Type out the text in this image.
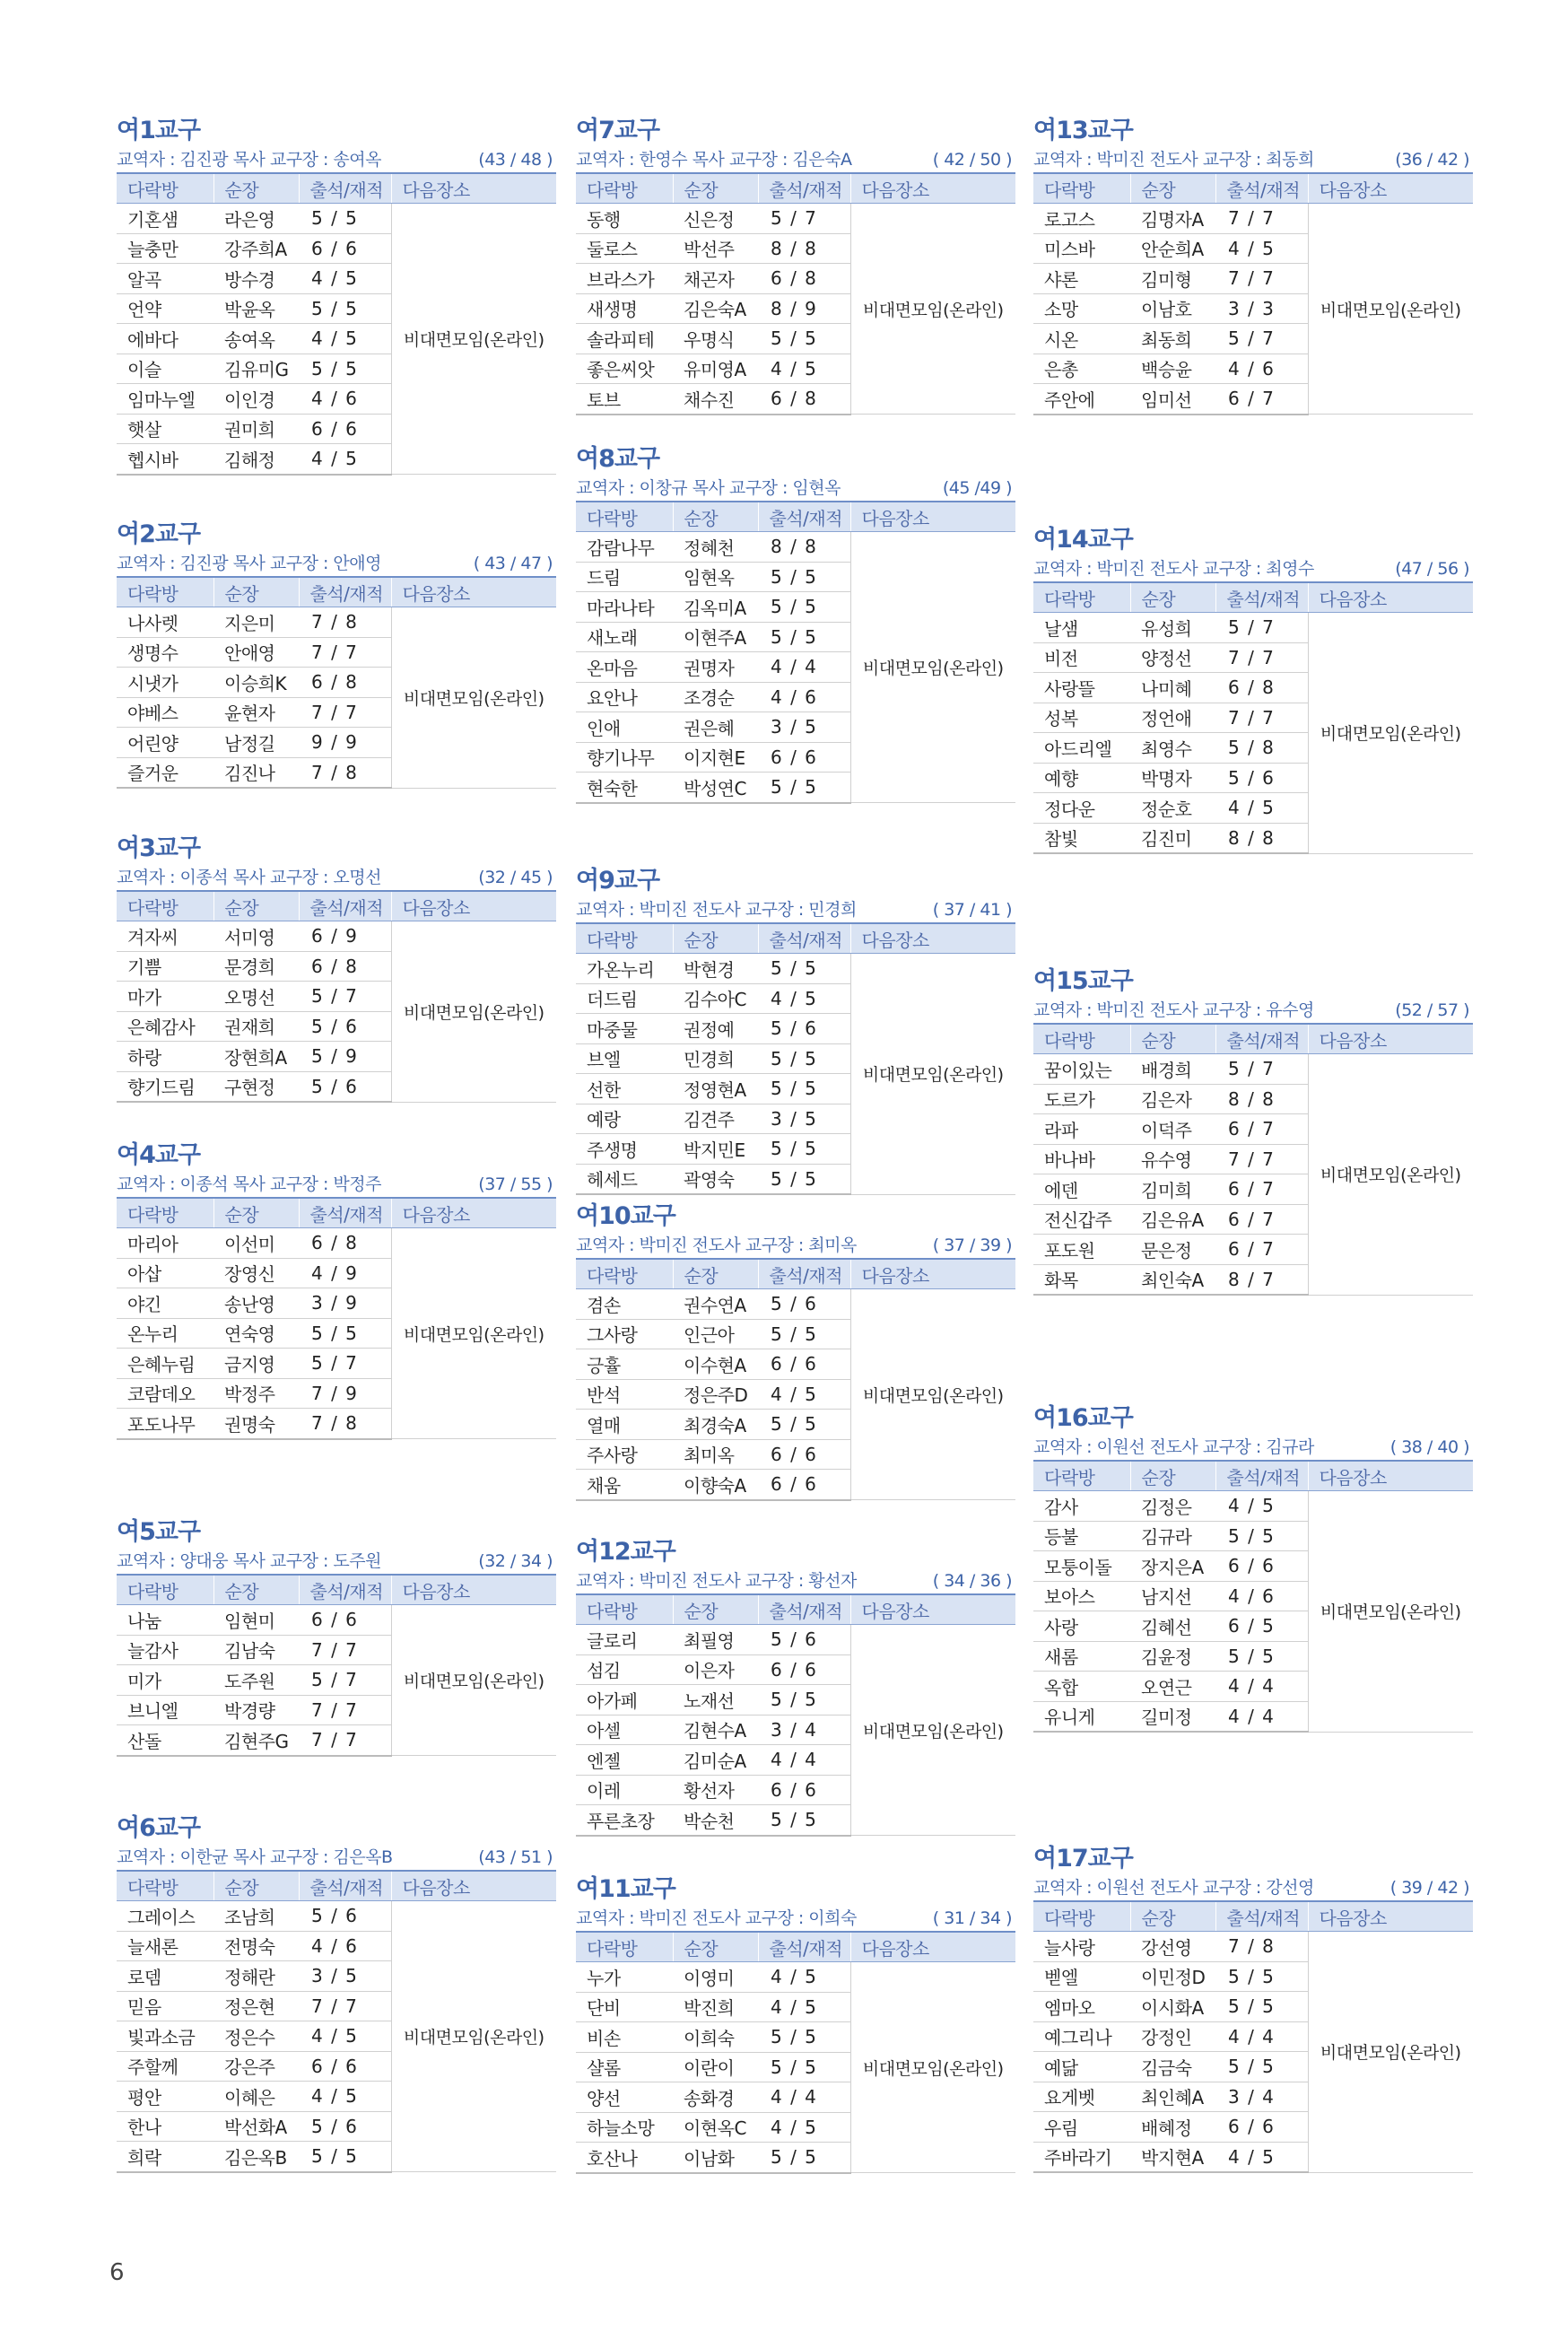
여1교구
교역자 : 김진광 목사 교구장 : 송여옥	(43 / 48 )
다락방	순장	출석/재적	다음장소
기혼샘	라은영	5 / 5	비대면모임(온라인)
늘충만	강주희A	6 / 6	
알곡	방수경	4 / 5	
언약	박윤옥	5 / 5	
에바다	송여옥	4 / 5	
이슬	김유미G	5 / 5	
임마누엘	이인경	4 / 6	
햇살	권미희	6 / 6	
헵시바	김해정	4 / 5	
여2교구
교역자 : 김진광 목사 교구장 : 안애영	( 43 / 47 )
다락방	순장	출석/재적	다음장소
나사렛	지은미	7 / 8	비대면모임(온라인)
생명수	안애영	7 / 7	
시냇가	이승희K	6 / 8	
야베스	윤현자	7 / 7	
어린양	남정길	9 / 9	
즐거운	김진나	7 / 8	
여3교구
교역자 : 이종석 목사 교구장 : 오명선	(32 / 45 )
다락방	순장	출석/재적	다음장소
겨자씨	서미영	6 / 9	비대면모임(온라인)
기쁨	문경희	6 / 8	
마가	오명선	5 / 7	
은혜감사	권재희	5 / 6	
하랑	장현희A	5 / 9	
향기드림	구현정	5 / 6	
여4교구
교역자 : 이종석 목사 교구장 : 박정주	(37 / 55 )
다락방	순장	출석/재적	다음장소
마리아	이선미	6 / 8	비대면모임(온라인)
아삽	장영신	4 / 9	
야긴	송난영	3 / 9	
온누리	연숙영	5 / 5	
은혜누림	금지영	5 / 7	
코람데오	박정주	7 / 9	
포도나무	권명숙	7 / 8	
여5교구
교역자 : 양대웅 목사 교구장 : 도주원	(32 / 34 )
다락방	순장	출석/재적	다음장소
나눔	임현미	6 / 6	비대면모임(온라인)
늘감사	김남숙	7 / 7	
미가	도주원	5 / 7	
브니엘	박경량	7 / 7	
산돌	김현주G	7 / 7	
여6교구
교역자 : 이한균 목사 교구장 : 김은옥B	(43 / 51 )
다락방	순장	출석/재적	다음장소
그레이스	조남희	5 / 6	비대면모임(온라인)
늘새론	전명숙	4 / 6	
로뎀	정해란	3 / 5	
믿음	정은현	7 / 7	
빛과소금	정은수	4 / 5	
주할께	강은주	6 / 6	
평안	이혜은	4 / 5	
한나	박선화A	5 / 6	
희락	김은옥B	5 / 5	
여7교구
교역자 : 한영수 목사 교구장 : 김은숙A	( 42 / 50 )
다락방	순장	출석/재적	다음장소
동행	신은정	5 / 7	비대면모임(온라인)
둘로스	박선주	8 / 8	
브라스가	채곤자	6 / 8	
새생명	김은숙A	8 / 9	
솔라피테	우명식	5 / 5	
좋은씨앗	유미영A	4 / 5	
토브	채수진	6 / 8	
여8교구
교역자 : 이창규 목사 교구장 : 임현옥	(45 /49 )
다락방	순장	출석/재적	다음장소
감람나무	정혜천	8 / 8	비대면모임(온라인)
드림	임현옥	5 / 5	
마라나타	김옥미A	5 / 5	
새노래	이현주A	5 / 5	
온마음	권명자	4 / 4	
요안나	조경순	4 / 6	
인애	권은혜	3 / 5	
향기나무	이지현E	6 / 6	
현숙한	박성연C	5 / 5	
여9교구
교역자 : 박미진 전도사 교구장 : 민경희	( 37 / 41 )
다락방	순장	출석/재적	다음장소
가온누리	박현경	5 / 5	비대면모임(온라인)
더드림	김수아C	4 / 5	
마중물	권정예	5 / 6	
브엘	민경희	5 / 5	
선한	정영현A	5 / 5	
예랑	김견주	3 / 5	
주생명	박지민E	5 / 5	
헤세드	곽영숙	5 / 5	
여10교구
교역자 : 박미진 전도사 교구장 : 최미옥	( 37 / 39 )
다락방	순장	출석/재적	다음장소
겸손	권수연A	5 / 6	비대면모임(온라인)
그사랑	인근아	5 / 5	
긍휼	이수현A	6 / 6	
반석	정은주D	4 / 5	
열매	최경숙A	5 / 5	
주사랑	최미옥	6 / 6	
채움	이향숙A	6 / 6	
여12교구
교역자 : 박미진 전도사 교구장 : 황선자	( 34 / 36 )
다락방	순장	출석/재적	다음장소
글로리	최필영	5 / 6	비대면모임(온라인)
섬김	이은자	6 / 6	
아가페	노재선	5 / 5	
아셀	김현수A	3 / 4	
엔젤	김미순A	4 / 4	
이레	황선자	6 / 6	
푸른초장	박순천	5 / 5	
여11교구
교역자 : 박미진 전도사 교구장 : 이희숙	( 31 / 34 )
다락방	순장	출석/재적	다음장소
누가	이영미	4 / 5	비대면모임(온라인)
단비	박진희	4 / 5	
비손	이희숙	5 / 5	
샬롬	이란이	5 / 5	
양선	송화경	4 / 4	
하늘소망	이현옥C	4 / 5	
호산나	이남화	5 / 5	
여13교구
교역자 : 박미진 전도사 교구장 : 최동희	(36 / 42 )
다락방	순장	출석/재적	다음장소
로고스	김명자A	7 / 7	비대면모임(온라인)
미스바	안순희A	4 / 5	
샤론	김미형	7 / 7	
소망	이남호	3 / 3	
시온	최동희	5 / 7	
은총	백승윤	4 / 6	
주안에	임미선	6 / 7	
여14교구
교역자 : 박미진 전도사 교구장 : 최영수	(47 / 56 )
다락방	순장	출석/재적	다음장소
날샘	유성희	5 / 7	비대면모임(온라인)
비전	양정선	7 / 7	
사랑뜰	나미혜	6 / 8	
성복	정언애	7 / 7	
아드리엘	최영수	5 / 8	
예향	박명자	5 / 6	
정다운	정순호	4 / 5	
참빛	김진미	8 / 8	
여15교구
교역자 : 박미진 전도사 교구장 : 유수영	(52 / 57 )
다락방	순장	출석/재적	다음장소
꿈이있는	배경희	5 / 7	비대면모임(온라인)
도르가	김은자	8 / 8	
라파	이덕주	6 / 7	
바나바	유수영	7 / 7	
에덴	김미희	6 / 7	
전신갑주	김은유A	6 / 7	
포도원	문은정	6 / 7	
화목	최인숙A	8 / 7	
여16교구
교역자 : 이원선 전도사 교구장 : 김규라	( 38 / 40 )
다락방	순장	출석/재적	다음장소
감사	김정은	4 / 5	비대면모임(온라인)
등불	김규라	5 / 5	
모퉁이돌	장지은A	6 / 6	
보아스	남지선	4 / 6	
사랑	김혜선	6 / 5	
새롬	김윤정	5 / 5	
옥합	오연근	4 / 4	
유니게	길미정	4 / 4	
여17교구
교역자 : 이원선 전도사 교구장 : 강선영	( 39 / 42 )
다락방	순장	출석/재적	다음장소
늘사랑	강선영	7 / 8	비대면모임(온라인)
벧엘	이민정D	5 / 5	
엠마오	이시화A	5 / 5	
예그리나	강정인	4 / 4	
예닮	김금숙	5 / 5	
요게벳	최인혜A	3 / 4	
우림	배혜정	6 / 6	
주바라기	박지현A	4 / 5	
6
